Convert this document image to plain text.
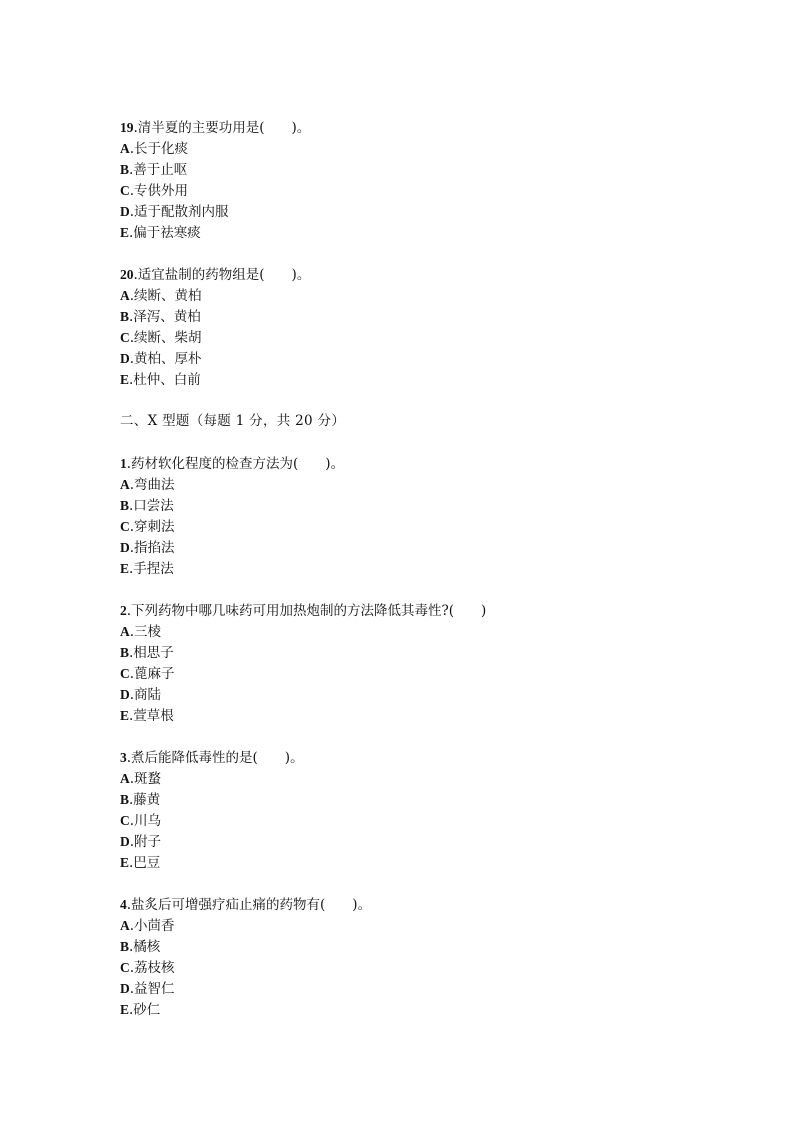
19.清半夏的主要功用是(　　)。
A.长于化痰
B.善于止呕
C.专供外用
D.适于配散剂内服
E.偏于祛寒痰
20.适宜盐制的药物组是(　　)。
A.续断、黄柏
B.泽泻、黄柏
C.续断、柴胡
D.黄柏、厚朴
E.杜仲、白前
二、X 型题（每题 1 分，共 20 分）
1.药材软化程度的检查方法为(　　)。
A.弯曲法
B.口尝法
C.穿刺法
D.指掐法
E.手捏法
2.下列药物中哪几味药可用加热炮制的方法降低其毒性?(　　)
A.三棱
B.相思子
C.蓖麻子
D.商陆
E.萱草根
3.煮后能降低毒性的是(　　)。
A.斑蝥
B.藤黄
C.川乌
D.附子
E.巴豆
4.盐炙后可增强疗疝止痛的药物有(　　)。
A.小茴香
B.橘核
C.荔枝核
D.益智仁
E.砂仁
